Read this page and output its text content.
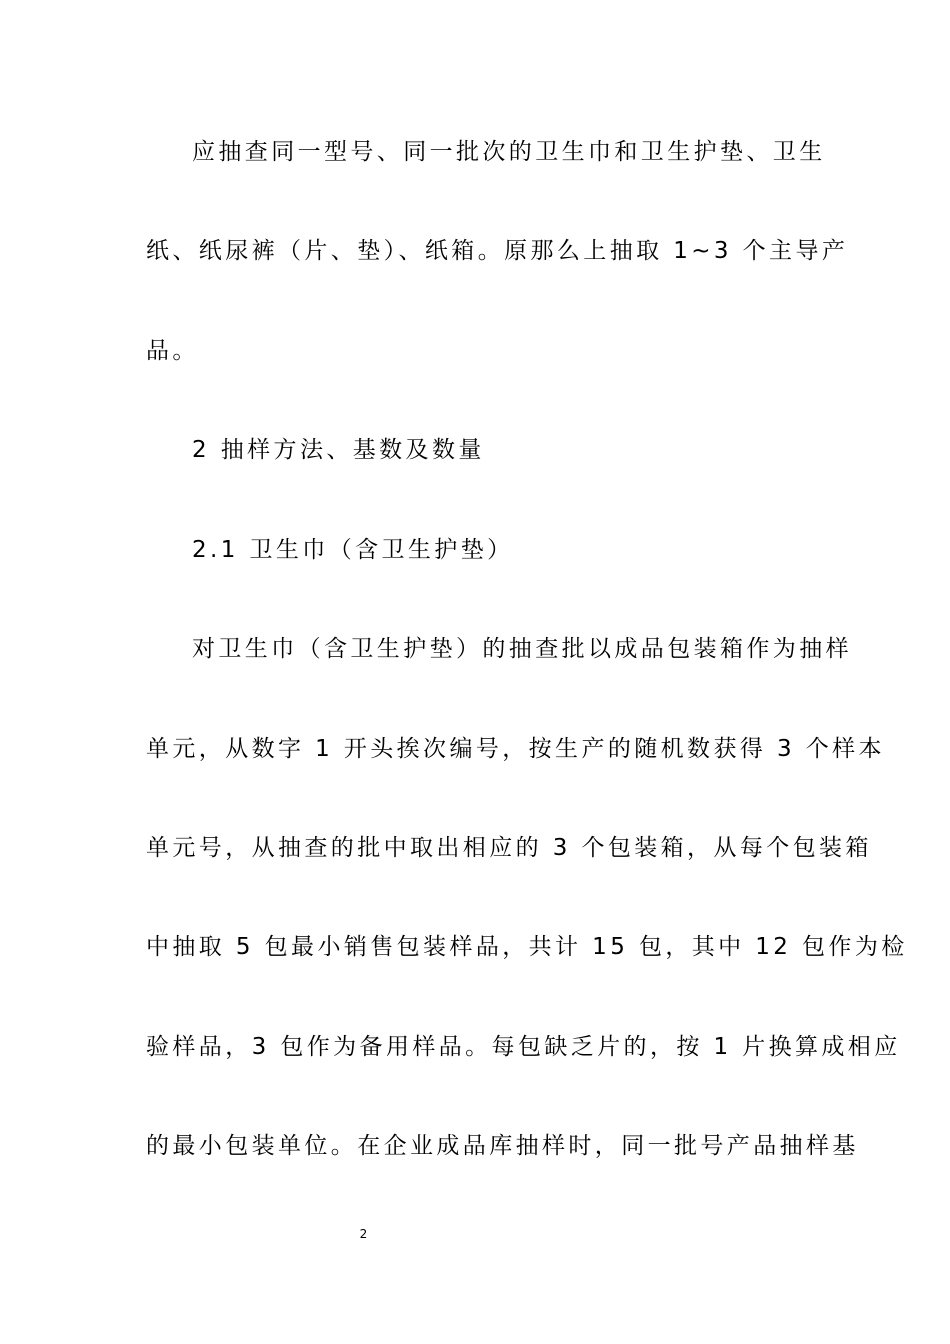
应抽查同一型号、同一批次的卫生巾和卫生护垫、卫生
纸、纸尿裤（片、垫）、纸箱。原那么上抽取 1~3 个主导产
品。
2 抽样方法、基数及数量
2.1 卫生巾（含卫生护垫）
对卫生巾（含卫生护垫）的抽查批以成品包装箱作为抽样
单元，从数字 1 开头挨次编号，按生产的随机数获得 3 个样本
单元号，从抽查的批中取出相应的 3 个包装箱，从每个包装箱
中抽取 5 包最小销售包装样品，共计 15 包，其中 12 包作为检
验样品，3 包作为备用样品。每包缺乏片的，按 1 片换算成相应
的最小包装单位。在企业成品库抽样时，同一批号产品抽样基
2
